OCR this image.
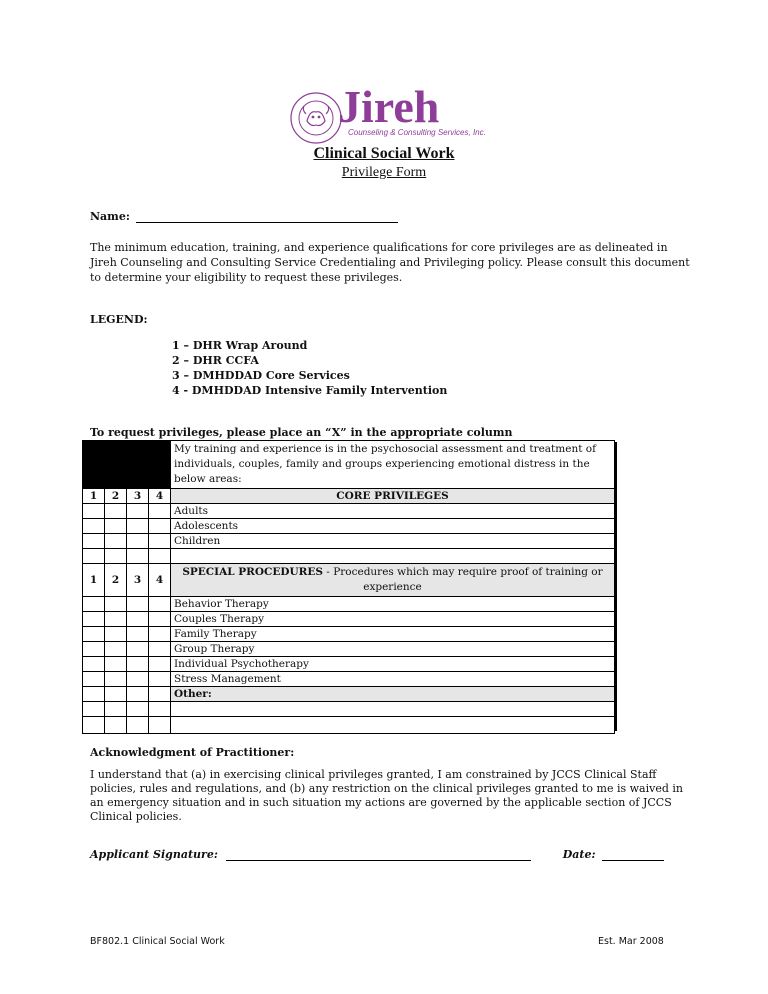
Jireh
Counseling & Consulting Services, Inc.
Clinical Social Work
Privilege Form
Name:
The minimum education, training, and experience qualifications for core privileges are as delineated in Jireh Counseling and Consulting Service Credentialing and Privileging policy. Please consult this document to determine your eligibility to request these privileges.
LEGEND:
1 – DHR Wrap Around
2 – DHR CCFA
3 – DMHDDAD Core Services
4 - DMHDDAD Intensive Family Intervention
To request privileges, please place an “X” in the appropriate column
				My training and experience is in the psychosocial assessment and treatment of individuals, couples, family and groups experiencing emotional distress in the below areas:
1	2	3	4	CORE PRIVILEGES
				Adults
				Adolescents
				Children

1	2	3	4	SPECIAL PROCEDURES - Procedures which may require proof of training or experience
				Behavior Therapy
				Couples Therapy
				Family Therapy
				Group Therapy
				Individual Psychotherapy
				Stress Management
				Other:

Acknowledgment of Practitioner:
I understand that (a) in exercising clinical privileges granted, I am constrained by JCCS Clinical Staff policies, rules and regulations, and (b) any restriction on the clinical privileges granted to me is waived in an emergency situation and in such situation my actions are governed by the applicable section of JCCS Clinical policies.
Applicant Signature:	Date:
BF802.1 Clinical Social Work	Est. Mar 2008
